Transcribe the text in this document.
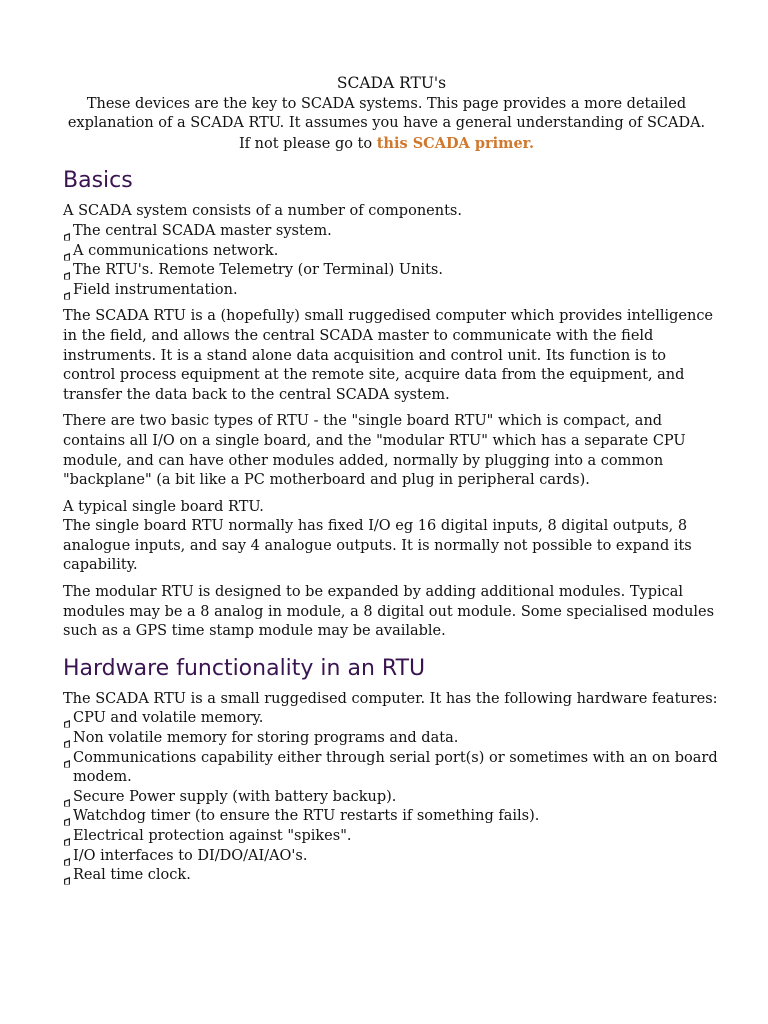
SCADA RTU's

These devices are the key to SCADA systems. This page provides a more detailed explanation of a SCADA RTU. It assumes you have a general understanding of SCADA. If not please go to this SCADA primer.

Basics
A SCADA system consists of a number of components.
The central SCADA master system.
A communications network.
The RTU's. Remote Telemetry (or Terminal) Units.
Field instrumentation.

The SCADA RTU is a (hopefully) small ruggedised computer which provides intelligence in the field, and allows the central SCADA master to communicate with the field instruments. It is a stand alone data acquisition and control unit. Its function is to control process equipment at the remote site, acquire data from the equipment, and transfer the data back to the central SCADA system.

There are two basic types of RTU - the "single board RTU" which is compact, and contains all I/O on a single board, and the "modular RTU" which has a separate CPU module, and can have other modules added, normally by plugging into a common "backplane" (a bit like a PC motherboard and plug in peripheral cards).

A typical single board RTU.
The single board RTU normally has fixed I/O eg 16 digital inputs, 8 digital outputs, 8 analogue inputs, and say 4 analogue outputs. It is normally not possible to expand its capability.

The modular RTU is designed to be expanded by adding additional modules. Typical modules may be a 8 analog in module, a 8 digital out module. Some specialised modules such as a GPS time stamp module may be available.

Hardware functionality in an RTU
The SCADA RTU is a small ruggedised computer. It has the following hardware features:
CPU and volatile memory.
Non volatile memory for storing programs and data.
Communications capability either through serial port(s) or sometimes with an on board modem.
Secure Power supply (with battery backup).
Watchdog timer (to ensure the RTU restarts if something fails).
Electrical protection against "spikes".
I/O interfaces to DI/DO/AI/AO's.
Real time clock.
